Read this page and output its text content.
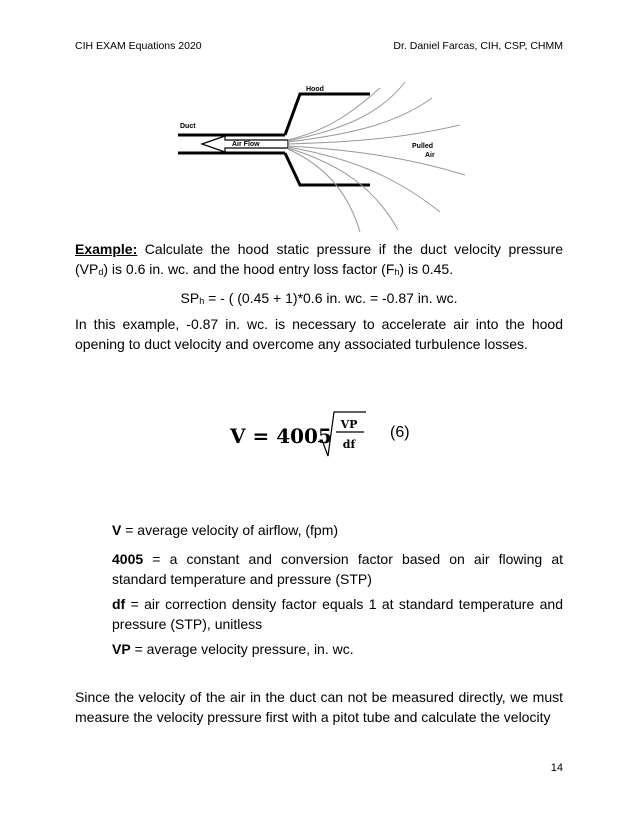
CIH EXAM Equations 2020	Dr. Daniel Farcas, CIH, CSP, CHMM
Duct
Hood
Air Flow	Pulled
Air

Example: Calculate the hood static pressure if the duct velocity pressure $(VP_d)$ is 0.6 in. wc. and the hood entry loss factor $(F_h)$ is 0.45.

$SP_h$ = - ( (0.45 + 1)*0.6 in. wc. = -0.87 in. wc.

In this example, -0.87 in. wc. is necessary to accelerate air into the hood opening to duct velocity and overcome any associated turbulence losses.

V = 4005 VP
df
(6)

V = average velocity of airflow, (fpm)

4005 = a constant and conversion factor based on air flowing at standard temperature and pressure (STP)

df = air correction density factor equals 1 at standard temperature and pressure (STP), unitless

VP = average velocity pressure, in. wc.

Since the velocity of the air in the duct can not be measured directly, we must measure the velocity pressure first with a pitot tube and calculate the velocity

14
